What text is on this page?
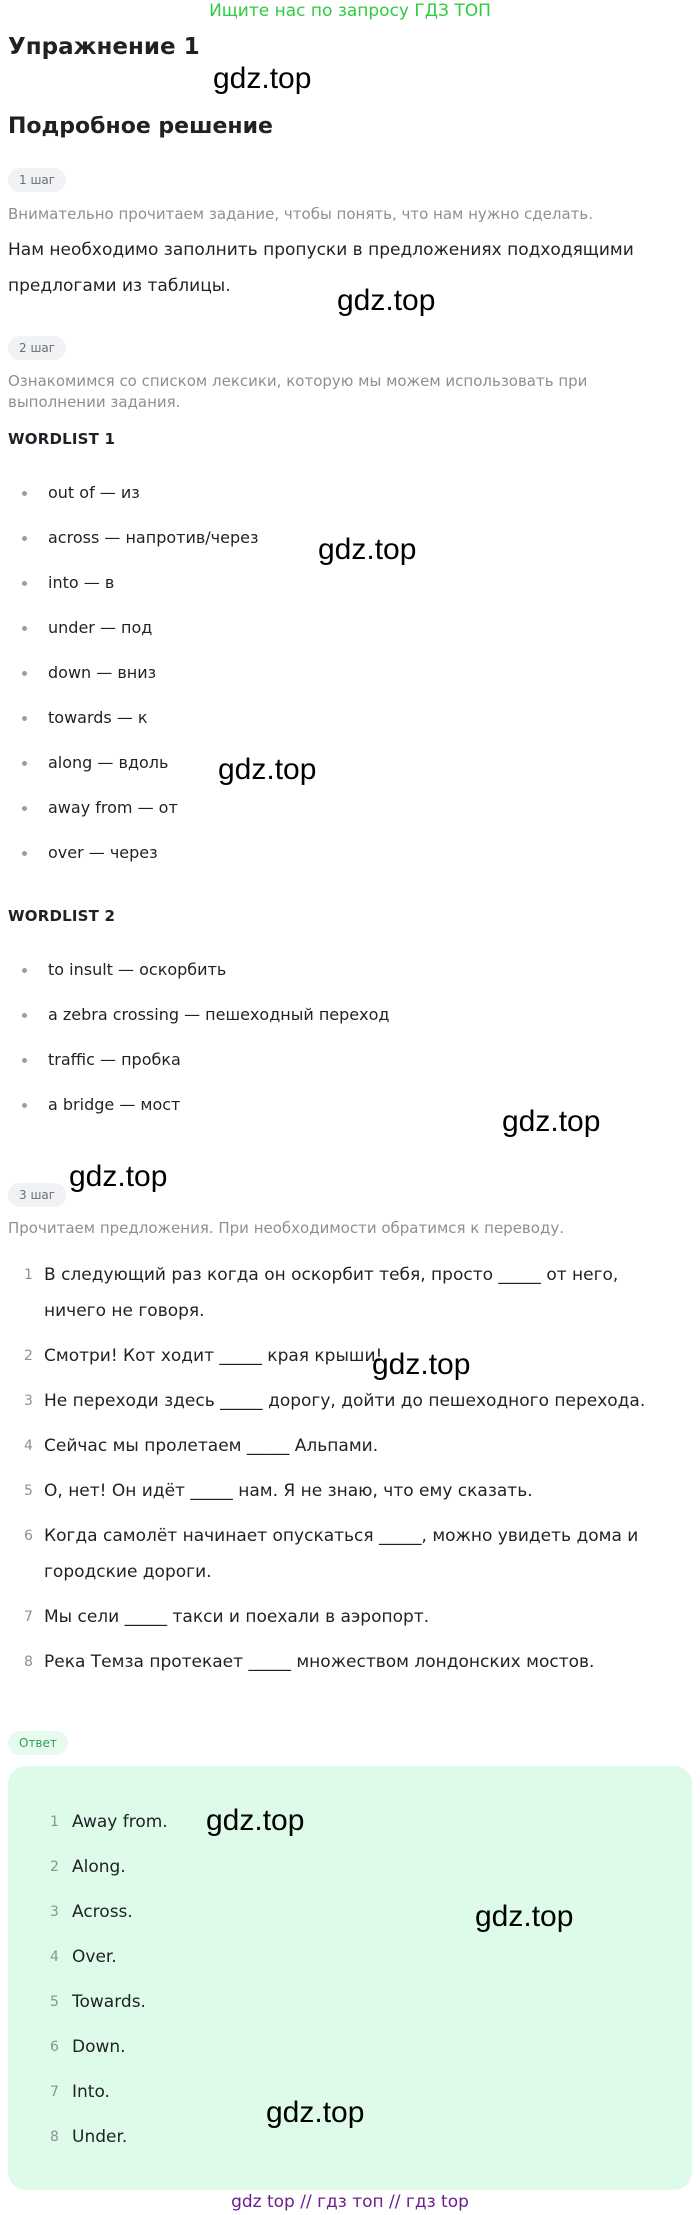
Ищите нас по запросу ГДЗ ТОП
Упражнение 1
gdz.top
Подробное решение
1 шаг
Внимательно прочитаем задание, чтобы понять, что нам нужно сделать.
Нам необходимо заполнить пропуски в предложениях подходящими предлогами из таблицы.	gdz.top
2 шаг
Ознакомимся со списком лексики, которую мы можем использовать при выполнении задания.
WORDLIST 1
out of — из
across — напротив/через
into — в
under — под
down — вниз
towards — к
along — вдоль
away from — от
over — через
gdz.top
gdz.top
WORDLIST 2
to insult — оскорбить
a zebra crossing — пешеходный переход
traffic — пробка
a bridge — мост
gdz.top
gdz.top
3 шаг
Прочитаем предложения. При необходимости обратимся к переводу.
1 В следующий раз когда он оскорбит тебя, просто _____ от него, ничего не говоря.
2 Смотри! Кот ходит _____ края крыши!
3 Не переходи здесь _____ дорогу, дойти до пешеходного перехода.
4 Сейчас мы пролетаем _____ Альпами.
5 О, нет! Он идёт _____ нам. Я не знаю, что ему сказать.
6 Когда самолёт начинает опускаться _____, можно увидеть дома и городские дороги.
7 Мы сели _____ такси и поехали в аэропорт.
8 Река Темза протекает _____ множеством лондонских мостов.
gdz.top
Ответ
1 Away from.
2 Along.
3 Across.
4 Over.
5 Towards.
6 Down.
7 Into.
8 Under.
gdz.top
gdz.top
gdz.top
gdz top // гдз топ // гдз top
